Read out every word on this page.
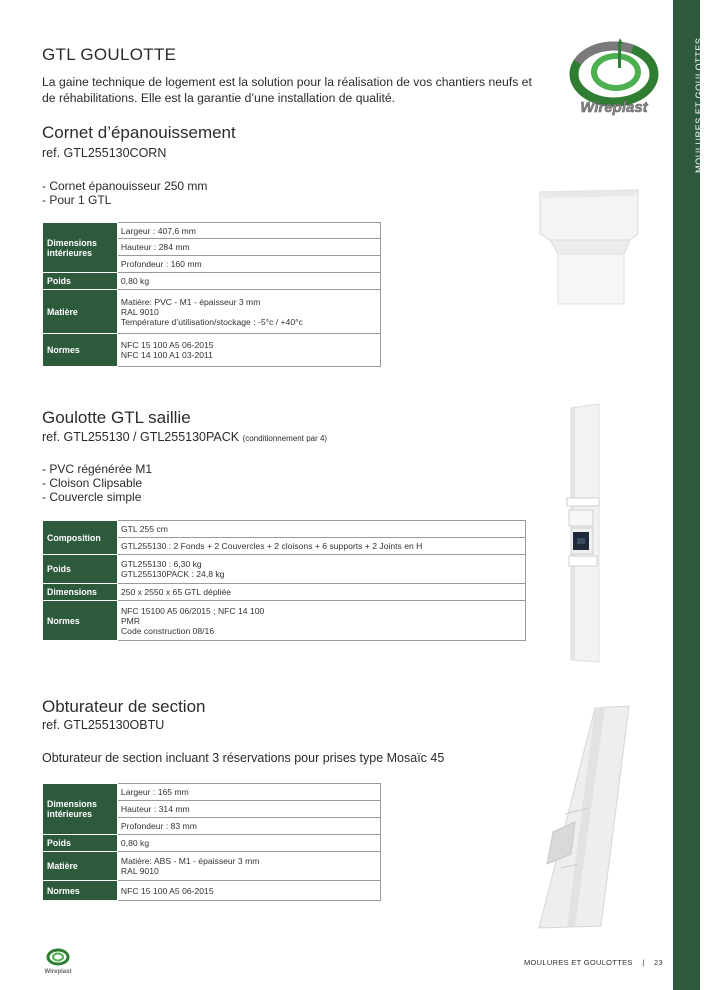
MOULURES ET GOULOTTES
GTL GOULOTTE
La gaine technique de logement est la solution pour la réalisation de vos chantiers neufs et de réhabilitations. Elle est la garantie d’une installation de qualité.
Wireplast
Cornet d’épanouissement
ref. GTL255130CORN
- Cornet épanouisseur 250 mm
- Pour 1 GTL
Dimensions intérieures	Largeur : 407,6 mm
	Hauteur : 284 mm
	Profondeur : 160 mm
Poids	0,80 kg
Matière	Matière: PVC - M1 - épaisseur 3 mm
RAL 9010
Température d’utilisation/stockage : -5°c / +40°c

Normes	NFC 15 100 A5 06-2015
NFC 14 100 A1 03-2011
Goulotte GTL saillie
ref. GTL255130 / GTL255130PACK (conditionnement par 4)
- PVC régénérée M1
- Cloison Clipsable
- Couvercle simple
Composition	GTL 255 cm
	GTL255130 : 2 Fonds + 2 Couvercles + 2 cloisons + 6 supports + 2 Joints en H
Poids	GTL255130 : 6,30 kg
GTL255130PACK : 24,8 kg

Dimensions	250 x 2550 x 65 GTL dépliée
Normes	NFC 15100 A5 06/2015 ; NFC 14 100
PMR
Code construction 08/16
Obturateur de section
ref. GTL255130OBTU
Obturateur de section incluant 3 réservations pour prises type Mosaïc 45
Dimensions intérieures	Largeur : 165 mm
	Hauteur : 314 mm
	Profondeur : 83 mm
Poids	0,80 kg
Matière	Matière: ABS - M1 - épaisseur 3 mm
RAL 9010

Normes	NFC 15 100 A5 06-2015
Wireplast
MOULURES ET GOULOTTES | 23
